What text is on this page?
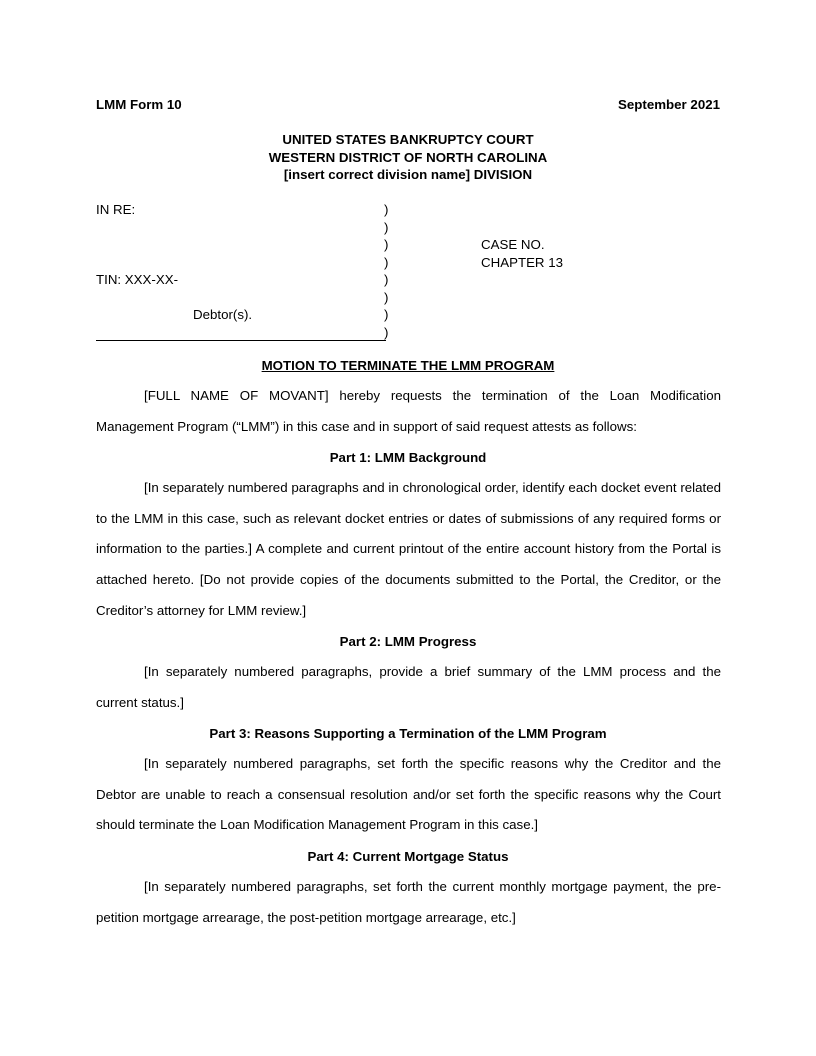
LMM Form 10	September 2021
UNITED STATES BANKRUPTCY COURT
WESTERN DISTRICT OF NORTH CAROLINA
[insert correct division name] DIVISION
IN RE:
TIN: XXX-XX-
Debtor(s).
)
)
)
)
)
)
)
)
CASE NO.
CHAPTER 13
MOTION TO TERMINATE THE LMM PROGRAM

[FULL NAME OF MOVANT] hereby requests the termination of the Loan Modification Management Program (“LMM”) in this case and in support of said request attests as follows:

Part 1: LMM Background

[In separately numbered paragraphs and in chronological order, identify each docket event related to the LMM in this case, such as relevant docket entries or dates of submissions of any required forms or information to the parties.] A complete and current printout of the entire account history from the Portal is attached hereto. [Do not provide copies of the documents submitted to the Portal, the Creditor, or the Creditor’s attorney for LMM review.]

Part 2: LMM Progress

[In separately numbered paragraphs, provide a brief summary of the LMM process and the current status.]

Part 3: Reasons Supporting a Termination of the LMM Program

[In separately numbered paragraphs, set forth the specific reasons why the Creditor and the Debtor are unable to reach a consensual resolution and/or set forth the specific reasons why the Court should terminate the Loan Modification Management Program in this case.]

Part 4: Current Mortgage Status

[In separately numbered paragraphs, set forth the current monthly mortgage payment, the pre-petition mortgage arrearage, the post-petition mortgage arrearage, etc.]
